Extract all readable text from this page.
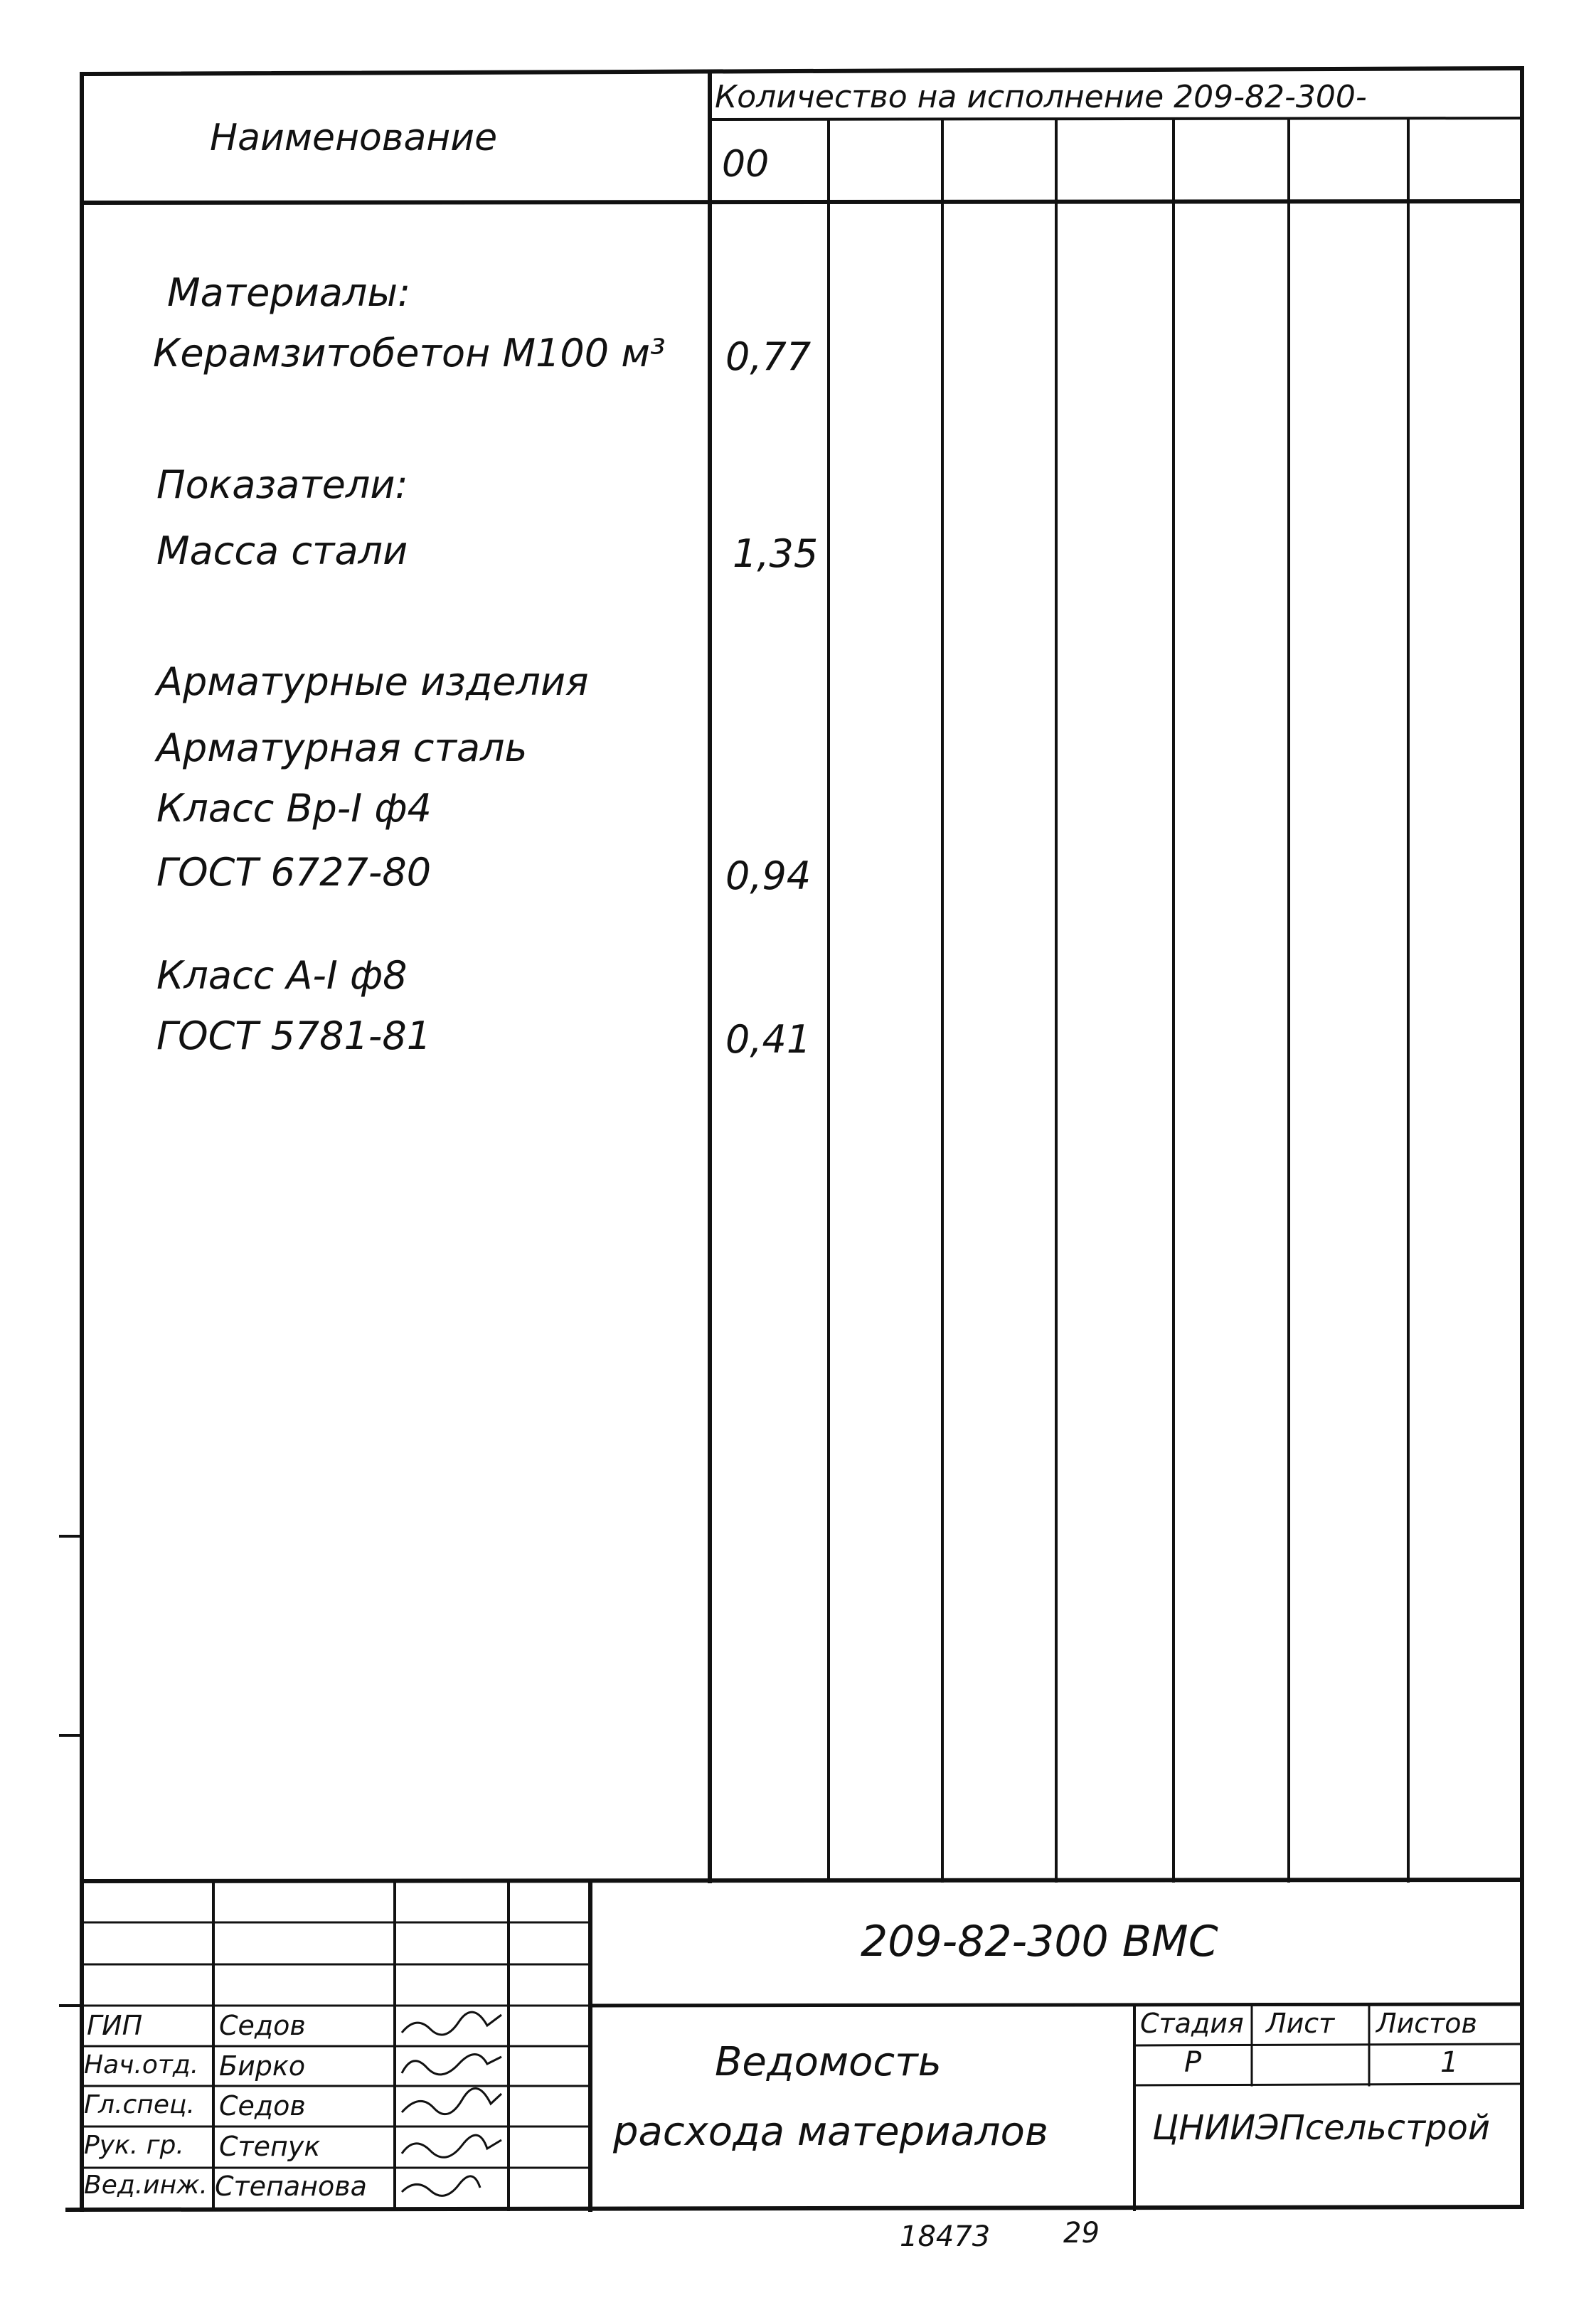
Наименование
Количество на исполнение 209-82-300-
00
Материалы:
Керамзитобетон M100 м³ 0,77
Показатели:
Масса стали	1,35
Арматурные изделия
Арматурная сталь
Класс Вр-I ф4
ГОСТ 6727-80	0,94
Класс A-I ф8
ГОСТ 5781-81	0,41
209-82-300 ВМС
Ведомость
расхода материалов
Стадия Лист Листов
Р	1
ЦНИИЭПсельстрой
ГИП	Седов
Нач.отд. Бирко
Гл.спец. Седов
Рук. гр. Степук
Вед.инж. Степанова
18473	29
